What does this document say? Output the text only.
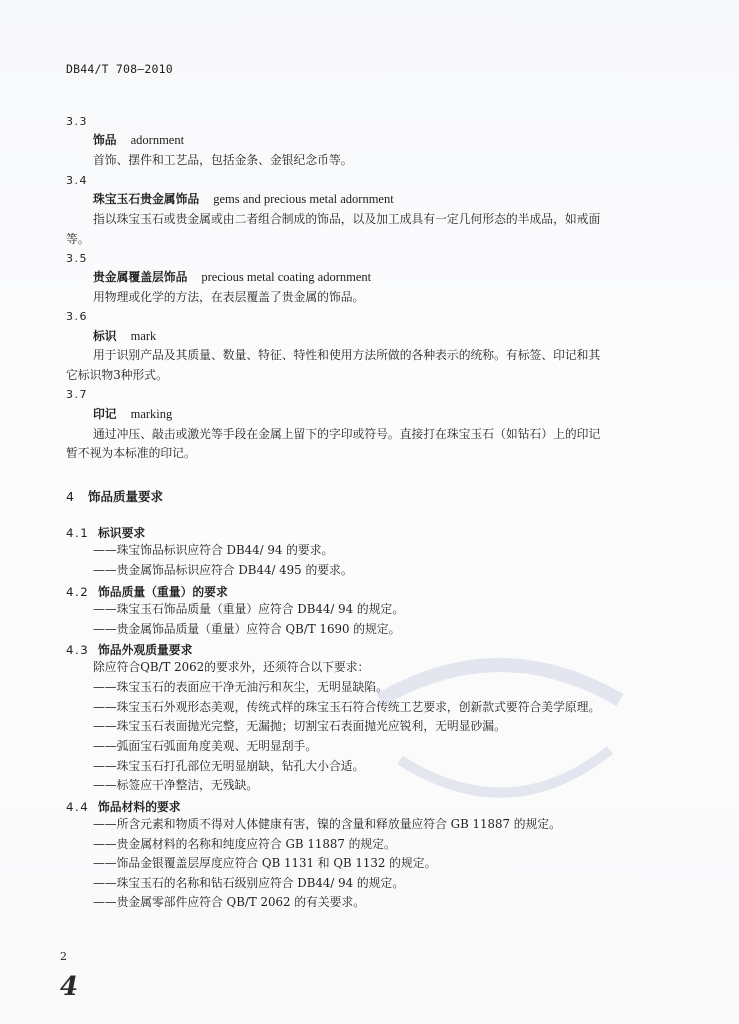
DB44/T 708—2010
3.3
饰品 adornment
首饰、摆件和工艺品，包括金条、金银纪念币等。
3.4
珠宝玉石贵金属饰品 gems and precious metal adornment
指以珠宝玉石或贵金属或由二者组合制成的饰品，以及加工成具有一定几何形态的半成品，如戒面
等。
3.5
贵金属覆盖层饰品 precious metal coating adornment
用物理或化学的方法，在表层覆盖了贵金属的饰品。
3.6
标识 mark
用于识别产品及其质量、数量、特征、特性和使用方法所做的各种表示的统称。有标签、印记和其
它标识物3种形式。
3.7
印记 marking
通过冲压、敲击或激光等手段在金属上留下的字印或符号。直接打在珠宝玉石（如钻石）上的印记
暂不视为本标准的印记。
4 饰品质量要求
4.1 标识要求
——珠宝饰品标识应符合 DB44/ 94 的要求。
——贵金属饰品标识应符合 DB44/ 495 的要求。
4.2 饰品质量（重量）的要求
——珠宝玉石饰品质量（重量）应符合 DB44/ 94 的规定。
——贵金属饰品质量（重量）应符合 QB/T 1690 的规定。
4.3 饰品外观质量要求
除应符合QB/T 2062的要求外，还须符合以下要求：
——珠宝玉石的表面应干净无油污和灰尘，无明显缺陷。
——珠宝玉石外观形态美观，传统式样的珠宝玉石符合传统工艺要求，创新款式要符合美学原理。
——珠宝玉石表面抛光完整，无漏抛；切割宝石表面抛光应锐利，无明显砂漏。
——弧面宝石弧面角度美观、无明显刮手。
——珠宝玉石打孔部位无明显崩缺，钻孔大小合适。
——标签应干净整洁，无残缺。
4.4 饰品材料的要求
——所含元素和物质不得对人体健康有害，镍的含量和释放量应符合 GB 11887 的规定。
——贵金属材料的名称和纯度应符合 GB 11887 的规定。
——饰品金银覆盖层厚度应符合 QB 1131 和 QB 1132 的规定。
——珠宝玉石的名称和钻石级别应符合 DB44/ 94 的规定。
——贵金属零部件应符合 QB/T 2062 的有关要求。
2
4
